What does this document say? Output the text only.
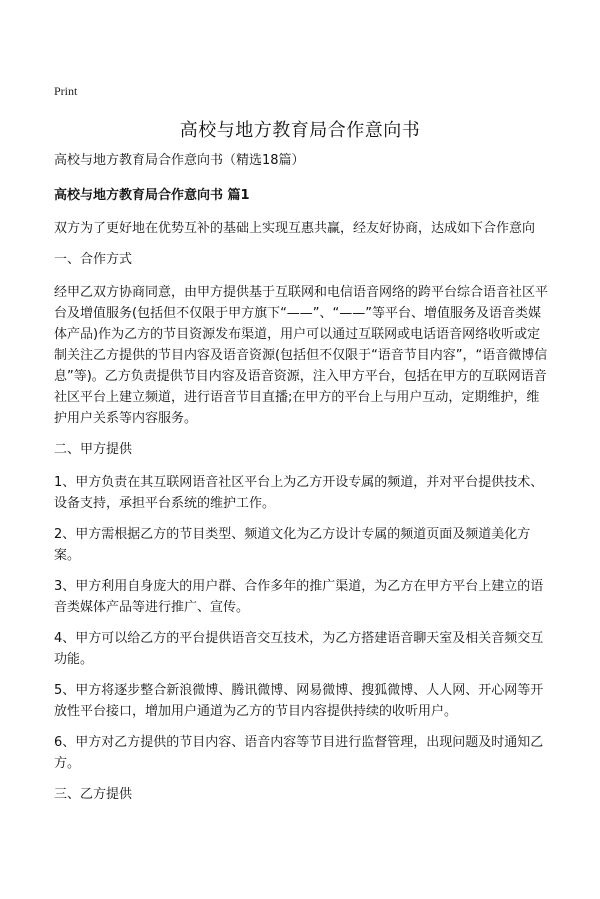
Print
高校与地方教育局合作意向书

高校与地方教育局合作意向书（精选18篇）

高校与地方教育局合作意向书 篇1

双方为了更好地在优势互补的基础上实现互惠共赢，经友好协商，达成如下合作意向

一、合作方式

经甲乙双方协商同意，由甲方提供基于互联网和电信语音网络的跨平台综合语音社区平台及增值服务(包括但不仅限于甲方旗下“——”、“——”等平台、增值服务及语音类媒体产品)作为乙方的节目资源发布渠道，用户可以通过互联网或电话语音网络收听或定制关注乙方提供的节目内容及语音资源(包括但不仅限于“语音节目内容”，“语音微博信息”等)。乙方负责提供节目内容及语音资源，注入甲方平台，包括在甲方的互联网语音社区平台上建立频道，进行语音节目直播;在甲方的平台上与用户互动，定期维护，维护用户关系等内容服务。

二、甲方提供

1、甲方负责在其互联网语音社区平台上为乙方开设专属的频道，并对平台提供技术、设备支持，承担平台系统的维护工作。

2、甲方需根据乙方的节目类型、频道文化为乙方设计专属的频道页面及频道美化方案。

3、甲方利用自身庞大的用户群、合作多年的推广渠道，为乙方在甲方平台上建立的语音类媒体产品等进行推广、宣传。

4、甲方可以给乙方的平台提供语音交互技术，为乙方搭建语音聊天室及相关音频交互功能。

5、甲方将逐步整合新浪微博、腾讯微博、网易微博、搜狐微博、人人网、开心网等开放性平台接口，增加用户通道为乙方的节目内容提供持续的收听用户。

6、甲方对乙方提供的节目内容、语音内容等节目进行监督管理，出现问题及时通知乙方。

三、乙方提供
